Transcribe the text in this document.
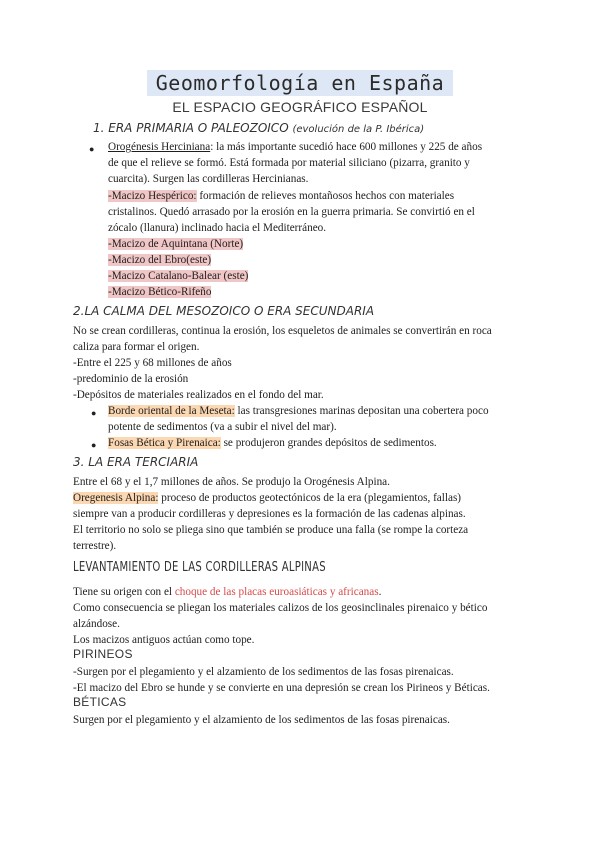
Geomorfología en España
EL ESPACIO GEOGRÁFICO ESPAÑOL
1. ERA PRIMARIA O PALEOZOICO (evolución de la P. Ibérica)
● Orogénesis Herciniana: la más importante sucedió hace 600 millones y 225 de años
de que el relieve se formó. Está formada por material siliciano (pizarra, granito y
cuarcita). Surgen las cordilleras Hercinianas.
-Macizo Hespérico: formación de relieves montañosos hechos con materiales
cristalinos. Quedó arrasado por la erosión en la guerra primaria. Se convirtió en el
zócalo (llanura) inclinado hacia el Mediterráneo.
-Macizo de Aquintana (Norte)
-Macizo del Ebro(este)
-Macizo Catalano-Balear (este)
-Macizo Bético-Rifeño
2.LA CALMA DEL MESOZOICO O ERA SECUNDARIA
No se crean cordilleras, continua la erosión, los esqueletos de animales se convertirán en roca
caliza para formar el origen.
-Entre el 225 y 68 millones de años
-predominio de la erosión
-Depósitos de materiales realizados en el fondo del mar.
● Borde oriental de la Meseta: las transgresiones marinas depositan una cobertera poco
potente de sedimentos (va a subir el nivel del mar).
● Fosas Bética y Pirenaica: se produjeron grandes depósitos de sedimentos.
3. LA ERA TERCIARIA
Entre el 68 y el 1,7 millones de años. Se produjo la Orogénesis Alpina.
Oregenesis Alpina: proceso de productos geotectónicos de la era (plegamientos, fallas)
siempre van a producir cordilleras y depresiones es la formación de las cadenas alpinas.
El territorio no solo se pliega sino que también se produce una falla (se rompe la corteza
terrestre).
LEVANTAMIENTO DE LAS CORDILLERAS ALPINAS
Tiene su origen con el choque de las placas euroasiáticas y africanas.
Como consecuencia se pliegan los materiales calizos de los geosinclinales pirenaico y bético
alzándose.
Los macizos antiguos actúan como tope.
PIRINEOS
-Surgen por el plegamiento y el alzamiento de los sedimentos de las fosas pirenaicas.
-El macizo del Ebro se hunde y se convierte en una depresión se crean los Pirineos y Béticas.
BÉTICAS
Surgen por el plegamiento y el alzamiento de los sedimentos de las fosas pirenaicas.
